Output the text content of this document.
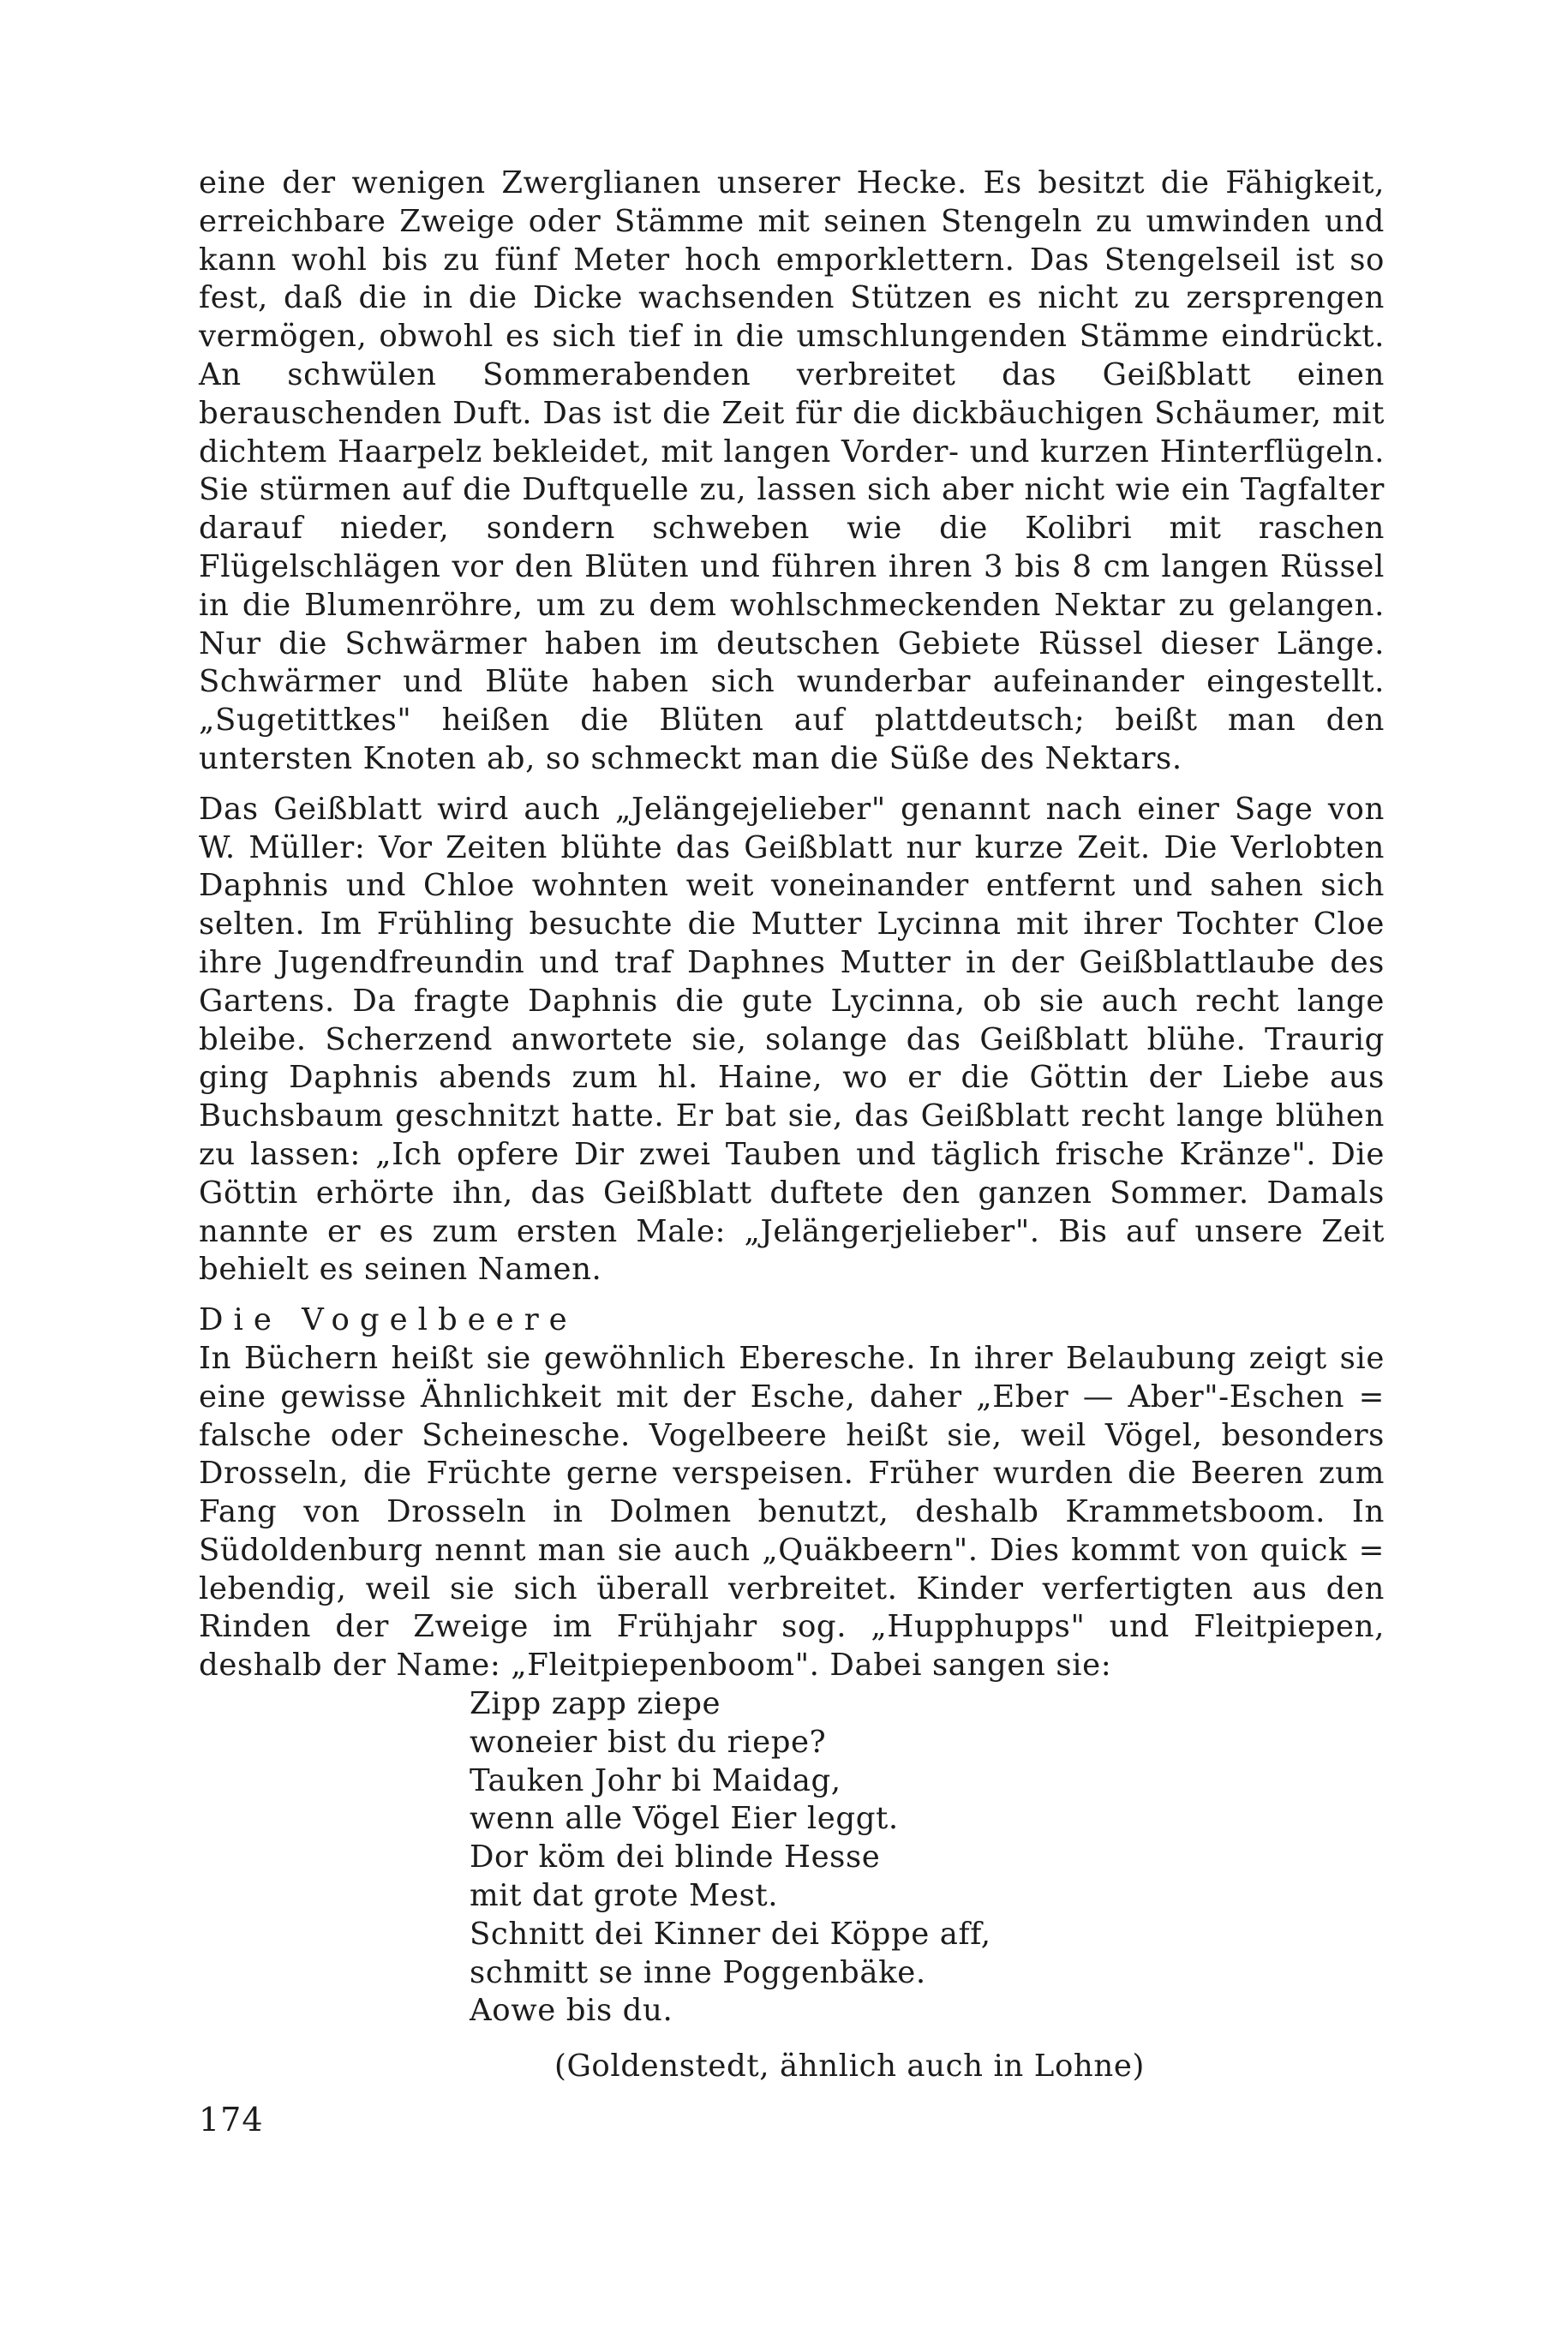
eine der wenigen Zwerglianen unserer Hecke. Es besitzt die Fähigkeit, erreichbare Zweige oder Stämme mit seinen Stengeln zu umwinden und kann wohl bis zu fünf Meter hoch emporklettern. Das Stengelseil ist so fest, daß die in die Dicke wachsenden Stützen es nicht zu zersprengen vermögen, obwohl es sich tief in die umschlungenden Stämme eindrückt. An schwülen Sommerabenden verbreitet das Geißblatt einen berauschenden Duft. Das ist die Zeit für die dickbäuchigen Schäumer, mit dichtem Haarpelz bekleidet, mit langen Vorder- und kurzen Hinterflügeln. Sie stürmen auf die Duftquelle zu, lassen sich aber nicht wie ein Tagfalter darauf nieder, sondern schweben wie die Kolibri mit raschen Flügelschlägen vor den Blüten und führen ihren 3 bis 8 cm langen Rüssel in die Blumenröhre, um zu dem wohlschmeckenden Nektar zu gelangen. Nur die Schwärmer haben im deutschen Gebiete Rüssel dieser Länge. Schwärmer und Blüte haben sich wunderbar aufeinander eingestellt. „Sugetittkes" heißen die Blüten auf plattdeutsch; beißt man den untersten Knoten ab, so schmeckt man die Süße des Nektars.

Das Geißblatt wird auch „Jelängejelieber" genannt nach einer Sage von W. Müller: Vor Zeiten blühte das Geißblatt nur kurze Zeit. Die Verlobten Daphnis und Chloe wohnten weit voneinander entfernt und sahen sich selten. Im Frühling besuchte die Mutter Lycinna mit ihrer Tochter Cloe ihre Jugendfreundin und traf Daphnes Mutter in der Geißblattlaube des Gartens. Da fragte Daphnis die gute Lycinna, ob sie auch recht lange bleibe. Scherzend anwortete sie, solange das Geißblatt blühe. Traurig ging Daphnis abends zum hl. Haine, wo er die Göttin der Liebe aus Buchsbaum geschnitzt hatte. Er bat sie, das Geißblatt recht lange blühen zu lassen: „Ich opfere Dir zwei Tauben und täglich frische Kränze". Die Göttin erhörte ihn, das Geißblatt duftete den ganzen Sommer. Damals nannte er es zum ersten Male: „Jelängerjelieber". Bis auf unsere Zeit behielt es seinen Namen.

Die Vogelbeere

In Büchern heißt sie gewöhnlich Eberesche. In ihrer Belaubung zeigt sie eine gewisse Ähnlichkeit mit der Esche, daher „Eber — Aber"-Eschen = falsche oder Scheinesche. Vogelbeere heißt sie, weil Vögel, besonders Drosseln, die Früchte gerne verspeisen. Früher wurden die Beeren zum Fang von Drosseln in Dolmen benutzt, deshalb Krammetsboom. In Südoldenburg nennt man sie auch „Quäkbeern". Dies kommt von quick = lebendig, weil sie sich überall verbreitet. Kinder verfertigten aus den Rinden der Zweige im Frühjahr sog. „Hupphupps" und Fleitpiepen, deshalb der Name: „Fleitpiepenboom". Dabei sangen sie:

Zipp zapp ziepe
woneier bist du riepe?
Tauken Johr bi Maidag,
wenn alle Vögel Eier leggt.
Dor köm dei blinde Hesse
mit dat grote Mest.
Schnitt dei Kinner dei Köppe aff,
schmitt se inne Poggenbäke.
Aowe bis du.
(Goldenstedt, ähnlich auch in Lohne)
174
